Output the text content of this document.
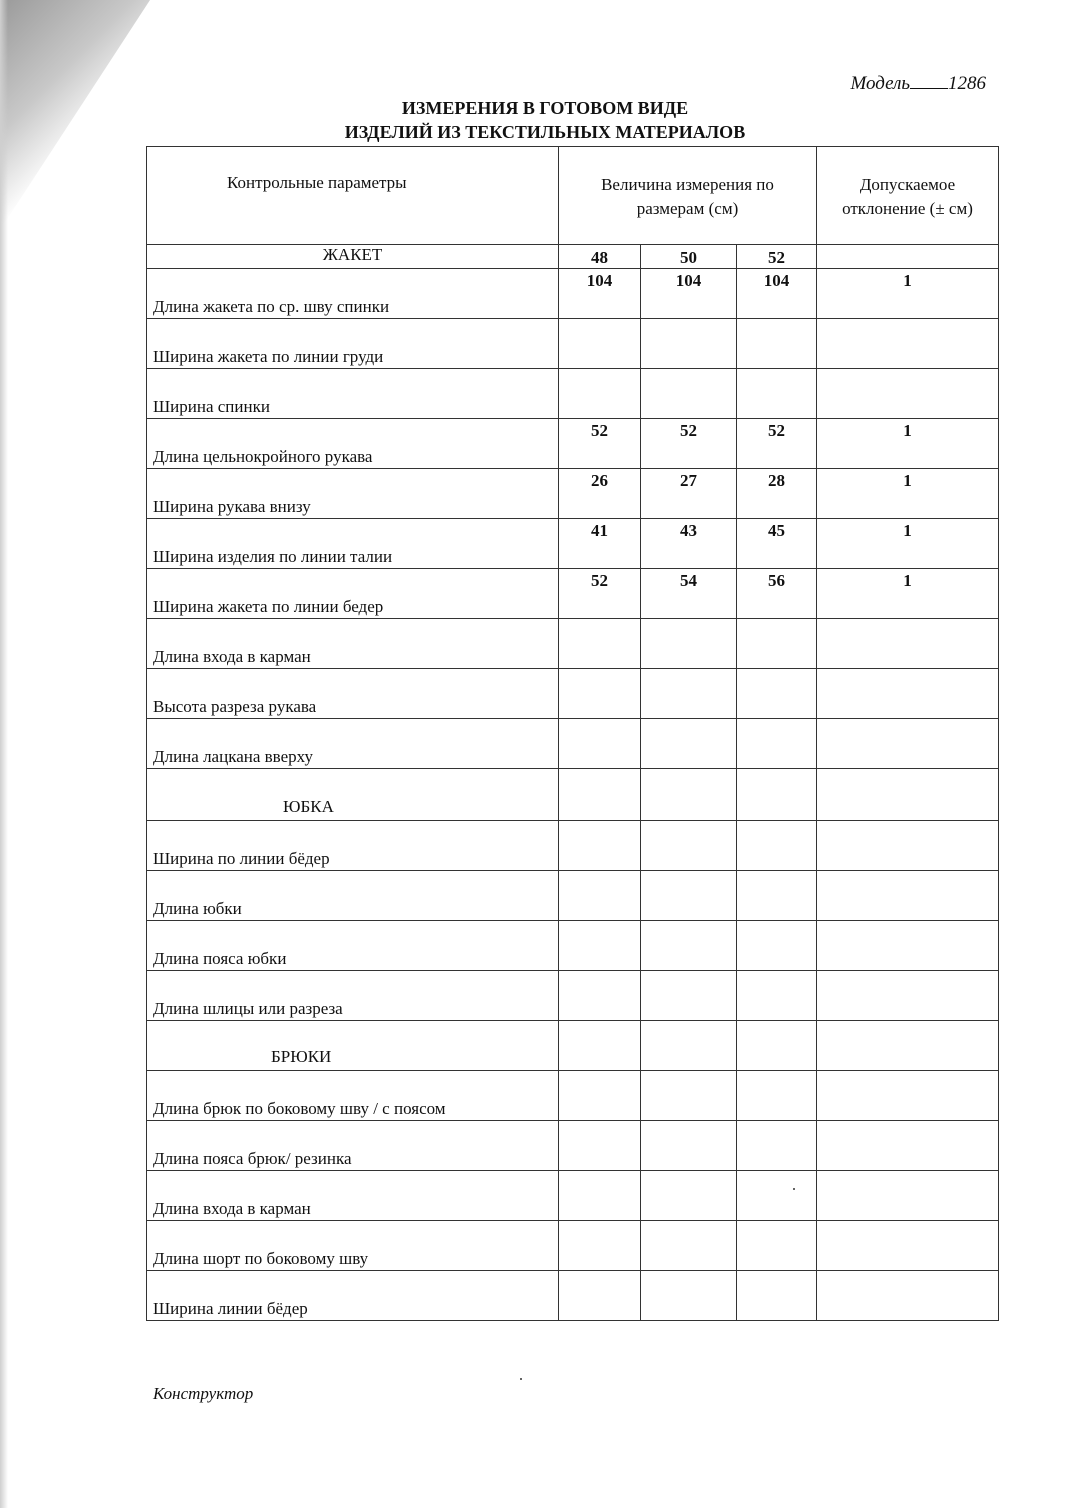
Модель 1286
ИЗМЕРЕНИЯ В ГОТОВОМ ВИДЕ
ИЗДЕЛИЙ ИЗ ТЕКСТИЛЬНЫХ МАТЕРИАЛОВ
Контрольные параметры	Величина измерения по размерам (см)			Допускаемое отклонение (± см)
ЖАКЕТ	48	50	52	
Длина жакета по ср. шву спинки	104	104	104	1
Ширина жакета по линии груди				
Ширина спинки				
Длина цельнокройного рукава	52	52	52	1
Ширина рукава внизу	26	27	28	1
Ширина изделия по линии талии	41	43	45	1
Ширина жакета по линии бедер	52	54	56	1
Длина входа в карман				
Высота разреза рукава				
Длина лацкана вверху				
ЮБКА				
Ширина по линии бёдер				
Длина юбки				
Длина пояса юбки				
Длина шлицы или разреза				
БРЮКИ				
Длина брюк по боковому шву / с поясом				
Длина пояса брюк/ резинка				
Длина входа в карман				
Длина шорт по боковому шву				
Ширина линии бёдер				
Конструктор
